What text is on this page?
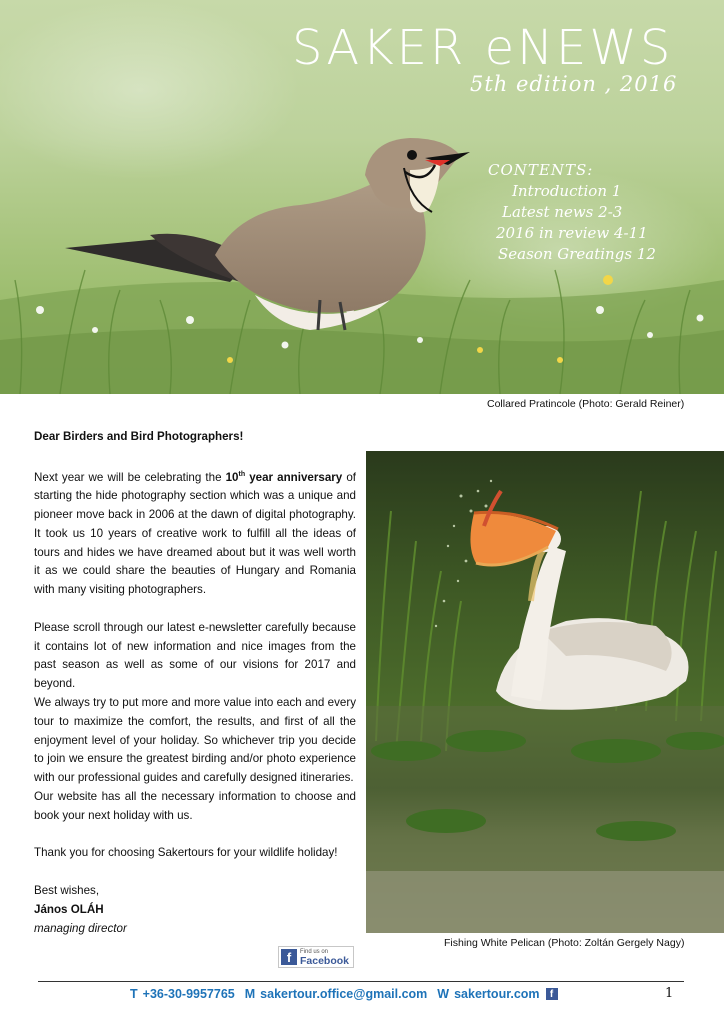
SAKER eNEWS
5th edition , 2016
CONTENTS:
Introduction 1
Latest news 2-3
2016 in review 4-11
Season Greatings 12
Collared Pratincole (Photo: Gerald Reiner)

Dear Birders and Bird Photographers!

Next year we will be celebrating the 10th year anniversary of starting the hide photography section which was a unique and pioneer move back in 2006 at the dawn of digital photography. It took us 10 years of creative work to fulfill all the ideas of tours and hides we have dreamed about but it was well worth it as we could share the beauties of Hungary and Romania with many visiting photographers.

Please scroll through our latest e-newsletter carefully because it contains lot of new information and nice images from the past season as well as some of our visions for 2017 and beyond.

We always try to put more and more value into each and every tour to maximize the comfort, the results, and first of all the enjoyment level of your holiday. So whichever trip you decide to join we ensure the greatest birding and/or photo experience with our professional guides and carefully designed itineraries.

Our website has all the necessary information to choose and book your next holiday with us.

Thank you for choosing Sakertours for your wildlife holiday!

Best wishes,

János OLÁH

managing director

Fishing White Pelican (Photo: Zoltán Gergely Nagy)
f	Find us on
Facebook
T +36-30-9957765 M sakertour.office@gmail.com W sakertour.com	f	1
